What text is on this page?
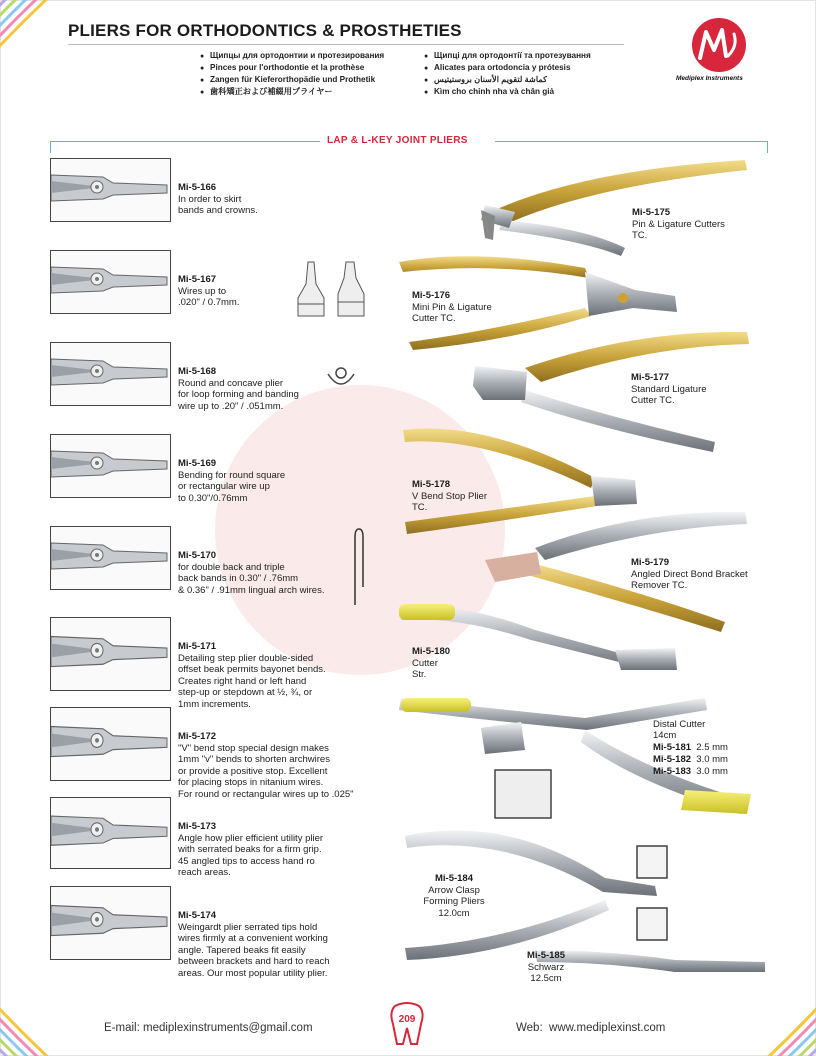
PLIERS FOR ORTHODONTICS & PROSTHETIES
● Щипцы для ортодонтии и протезирования
● Pinces pour l'orthodontie et la prothèse
● Zangen für Kieferorthopädie und Prothetik
● 歯科矯正および補綴用プライヤー
● Щипці для ортодонтії та протезування
● Alicates para ortodoncia y prótesis
● كماشة لتقويم الأسنان بروستيتيس
● Kìm cho chỉnh nha và chân giả
Mediplex Instruments
LAP & L-KEY JOINT PLIERS
Mi-5-166
In order to skirt
bands and crowns.
Mi-5-167
Wires up to
.020" / 0.7mm.
Mi-5-168
Round and concave plier
for loop forming and banding
wire up to .20" / .051mm.
Mi-5-169
Bending for round square
or rectangular wire up
to 0.30"/0.76mm
Mi-5-170
for double back and triple
back bands in 0.30" / .76mm
& 0.36" / .91mm lingual arch wires.
Mi-5-171
Detailing step plier double-sided
offset beak permits bayonet bends.
Creates right hand or left hand
step-up or stepdown at ½, ¾, or
1mm increments.
Mi-5-172
"V" bend stop special design makes
1mm "v" bends to shorten archwires
or provide a positive stop. Excellent
for placing stops in nitanium wires.
For round or rectangular wires up to .025"
Mi-5-173
Angle how plier efficient utility plier
with serrated beaks for a firm grip.
45 angled tips to access hand ro
reach areas.
Mi-5-174
Weingardt plier serrated tips hold
wires firmly at a convenient working
angle. Tapered beaks fit easily
between brackets and hard to reach
areas. Our most popular utility plier.
Mi-5-175
Pin & Ligature Cutters
TC.
Mi-5-176
Mini Pin & Ligature
Cutter TC.
Mi-5-177
Standard Ligature
Cutter TC.
Mi-5-178
V Bend Stop Plier
TC.
Mi-5-179
Angled Direct Bond Bracket
Remover TC.
Mi-5-180
Cutter
Str.
Distal Cutter
14cm
Mi-5-181 2.5 mm
Mi-5-182 3.0 mm
Mi-5-183 3.0 mm
Mi-5-184
Arrow Clasp
Forming Pliers
12.0cm
Mi-5-185
Schwarz
12.5cm
E-mail: mediplexinstruments@gmail.com
209
Web: www.mediplexinst.com
